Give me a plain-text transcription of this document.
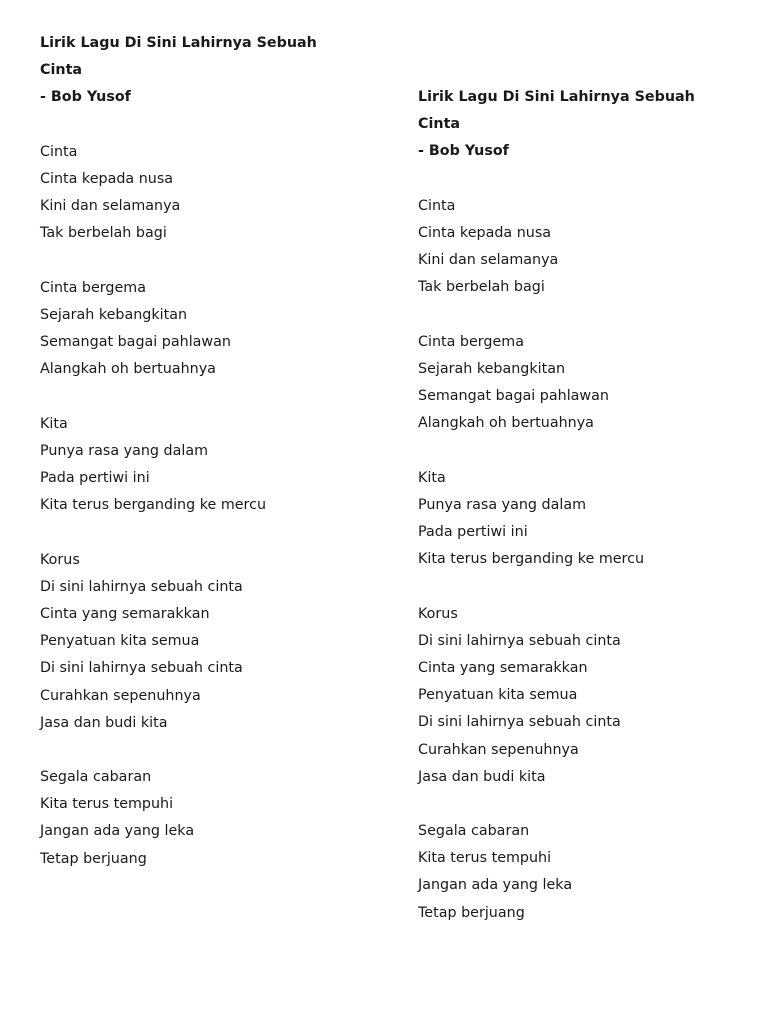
Lirik Lagu Di Sini Lahirnya Sebuah
Cinta
- Bob Yusof
Cinta
Cinta kepada nusa
Kini dan selamanya
Tak berbelah bagi
Cinta bergema
Sejarah kebangkitan
Semangat bagai pahlawan
Alangkah oh bertuahnya
Kita
Punya rasa yang dalam
Pada pertiwi ini
Kita terus berganding ke mercu
Korus
Di sini lahirnya sebuah cinta
Cinta yang semarakkan
Penyatuan kita semua
Di sini lahirnya sebuah cinta
Curahkan sepenuhnya
Jasa dan budi kita
Segala cabaran
Kita terus tempuhi
Jangan ada yang leka
Tetap berjuang
Lirik Lagu Di Sini Lahirnya Sebuah
Cinta
- Bob Yusof
Cinta
Cinta kepada nusa
Kini dan selamanya
Tak berbelah bagi
Cinta bergema
Sejarah kebangkitan
Semangat bagai pahlawan
Alangkah oh bertuahnya
Kita
Punya rasa yang dalam
Pada pertiwi ini
Kita terus berganding ke mercu
Korus
Di sini lahirnya sebuah cinta
Cinta yang semarakkan
Penyatuan kita semua
Di sini lahirnya sebuah cinta
Curahkan sepenuhnya
Jasa dan budi kita
Segala cabaran
Kita terus tempuhi
Jangan ada yang leka
Tetap berjuang
